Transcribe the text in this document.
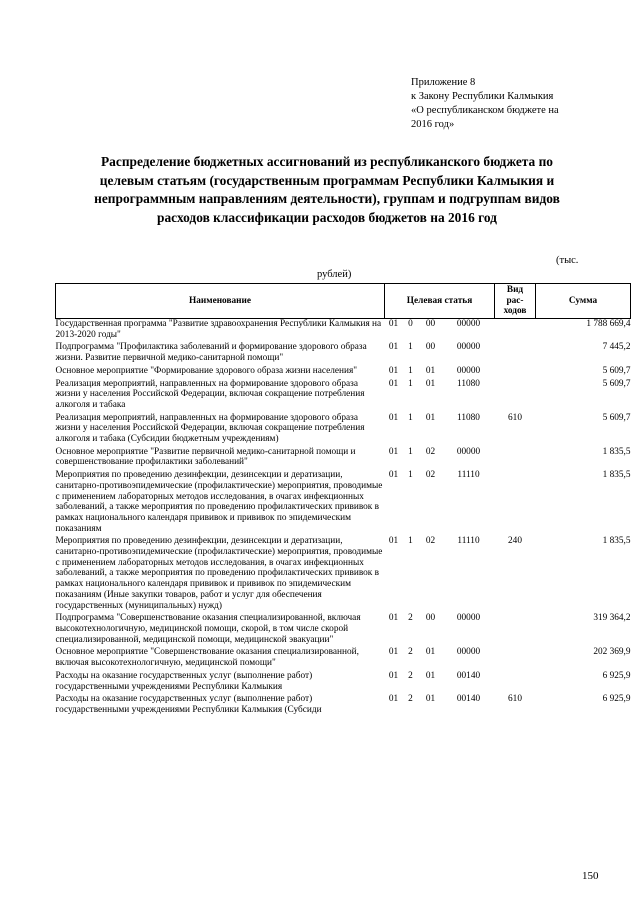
Приложение 8
к Закону Республики Калмыкия
«О республиканском бюджете на
2016 год»
Распределение бюджетных ассигнований из республиканского бюджета по целевым статьям (государственным программам Республики Калмыкия и непрограммным направлениям деятельности), группам и подгруппам видов расходов классификации расходов бюджетов на 2016 год
(тыс.
рублей)
Наименование	Целевая статья				Вид
рас-
ходов	Сумма
Государственная программа "Развитие здравоохранения Республики Калмыкия на 2013-2020 годы"	01	0	00	00000		1 788 669,4
Подпрограмма "Профилактика заболеваний и формирование здорового образа жизни. Развитие первичной медико-санитарной помощи"	01	1	00	00000		7 445,2
Основное мероприятие "Формирование здорового образа жизни населения"	01	1	01	00000		5 609,7
Реализация мероприятий, направленных на формирование здорового образа жизни у населения Российской Федерации, включая сокращение потребления алкоголя и табака	01	1	01	11080		5 609,7
Реализация мероприятий, направленных на формирование здорового образа жизни у населения Российской Федерации, включая сокращение потребления алкоголя и табака (Субсидии бюджетным учреждениям)	01	1	01	11080	610	5 609,7
Основное мероприятие "Развитие первичной медико-санитарной помощи и совершенствование профилактики заболеваний"	01	1	02	00000		1 835,5
Мероприятия по проведению дезинфекции, дезинсекции и дератизации, санитарно-противоэпидемические (профилактические) мероприятия, проводимые с применением лабораторных методов исследования, в очагах инфекционных заболеваний, а также мероприятия по проведению профилактических прививок в рамках национального календаря прививок и прививок по эпидемическим показаниям	01	1	02	11110		1 835,5
Мероприятия по проведению дезинфекции, дезинсекции и дератизации, санитарно-противоэпидемические (профилактические) мероприятия, проводимые с применением лабораторных методов исследования, в очагах инфекционных заболеваний, а также мероприятия по проведению профилактических прививок в рамках национального календаря прививок и прививок по эпидемическим показаниям (Иные закупки товаров, работ и услуг для обеспечения государственных (муниципальных) нужд)	01	1	02	11110	240	1 835,5
Подпрограмма "Совершенствование оказания специализированной, включая высокотехнологичную, медицинской помощи, скорой, в том числе скорой специализированной, медицинской помощи, медицинской эвакуации"	01	2	00	00000		319 364,2
Основное мероприятие "Совершенствование оказания специализированной, включая высокотехнологичную, медицинской помощи"	01	2	01	00000		202 369,9
Расходы на оказание государственных услуг (выполнение работ) государственными учреждениями Республики Калмыкия	01	2	01	00140		6 925,9
Расходы на оказание государственных услуг (выполнение работ) государственными учреждениями Республики Калмыкия (Субсиди	01	2	01	00140	610	6 925,9
150
